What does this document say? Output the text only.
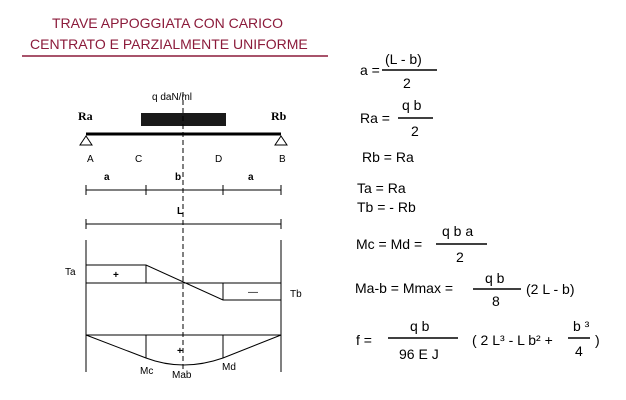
TRAVE APPOGGIATA CON CARICO
CENTRATO E PARZIALMENTE UNIFORME
q daN/ml
Ra	Rb
A	C	D	B
a	b	a
L
Ta
Tb
+
—
+
Mc Mab
Md
a =
(L - b)
2
Ra =
q b
2
Rb = Ra
Ta = Ra
Tb = - Rb
Mc = Md =
q b a
2
Ma-b = Mmax =
q b
8
(2 L - b)
f =
q b
96 E J
( 2 L³ - L b² +
b ³
4
)
